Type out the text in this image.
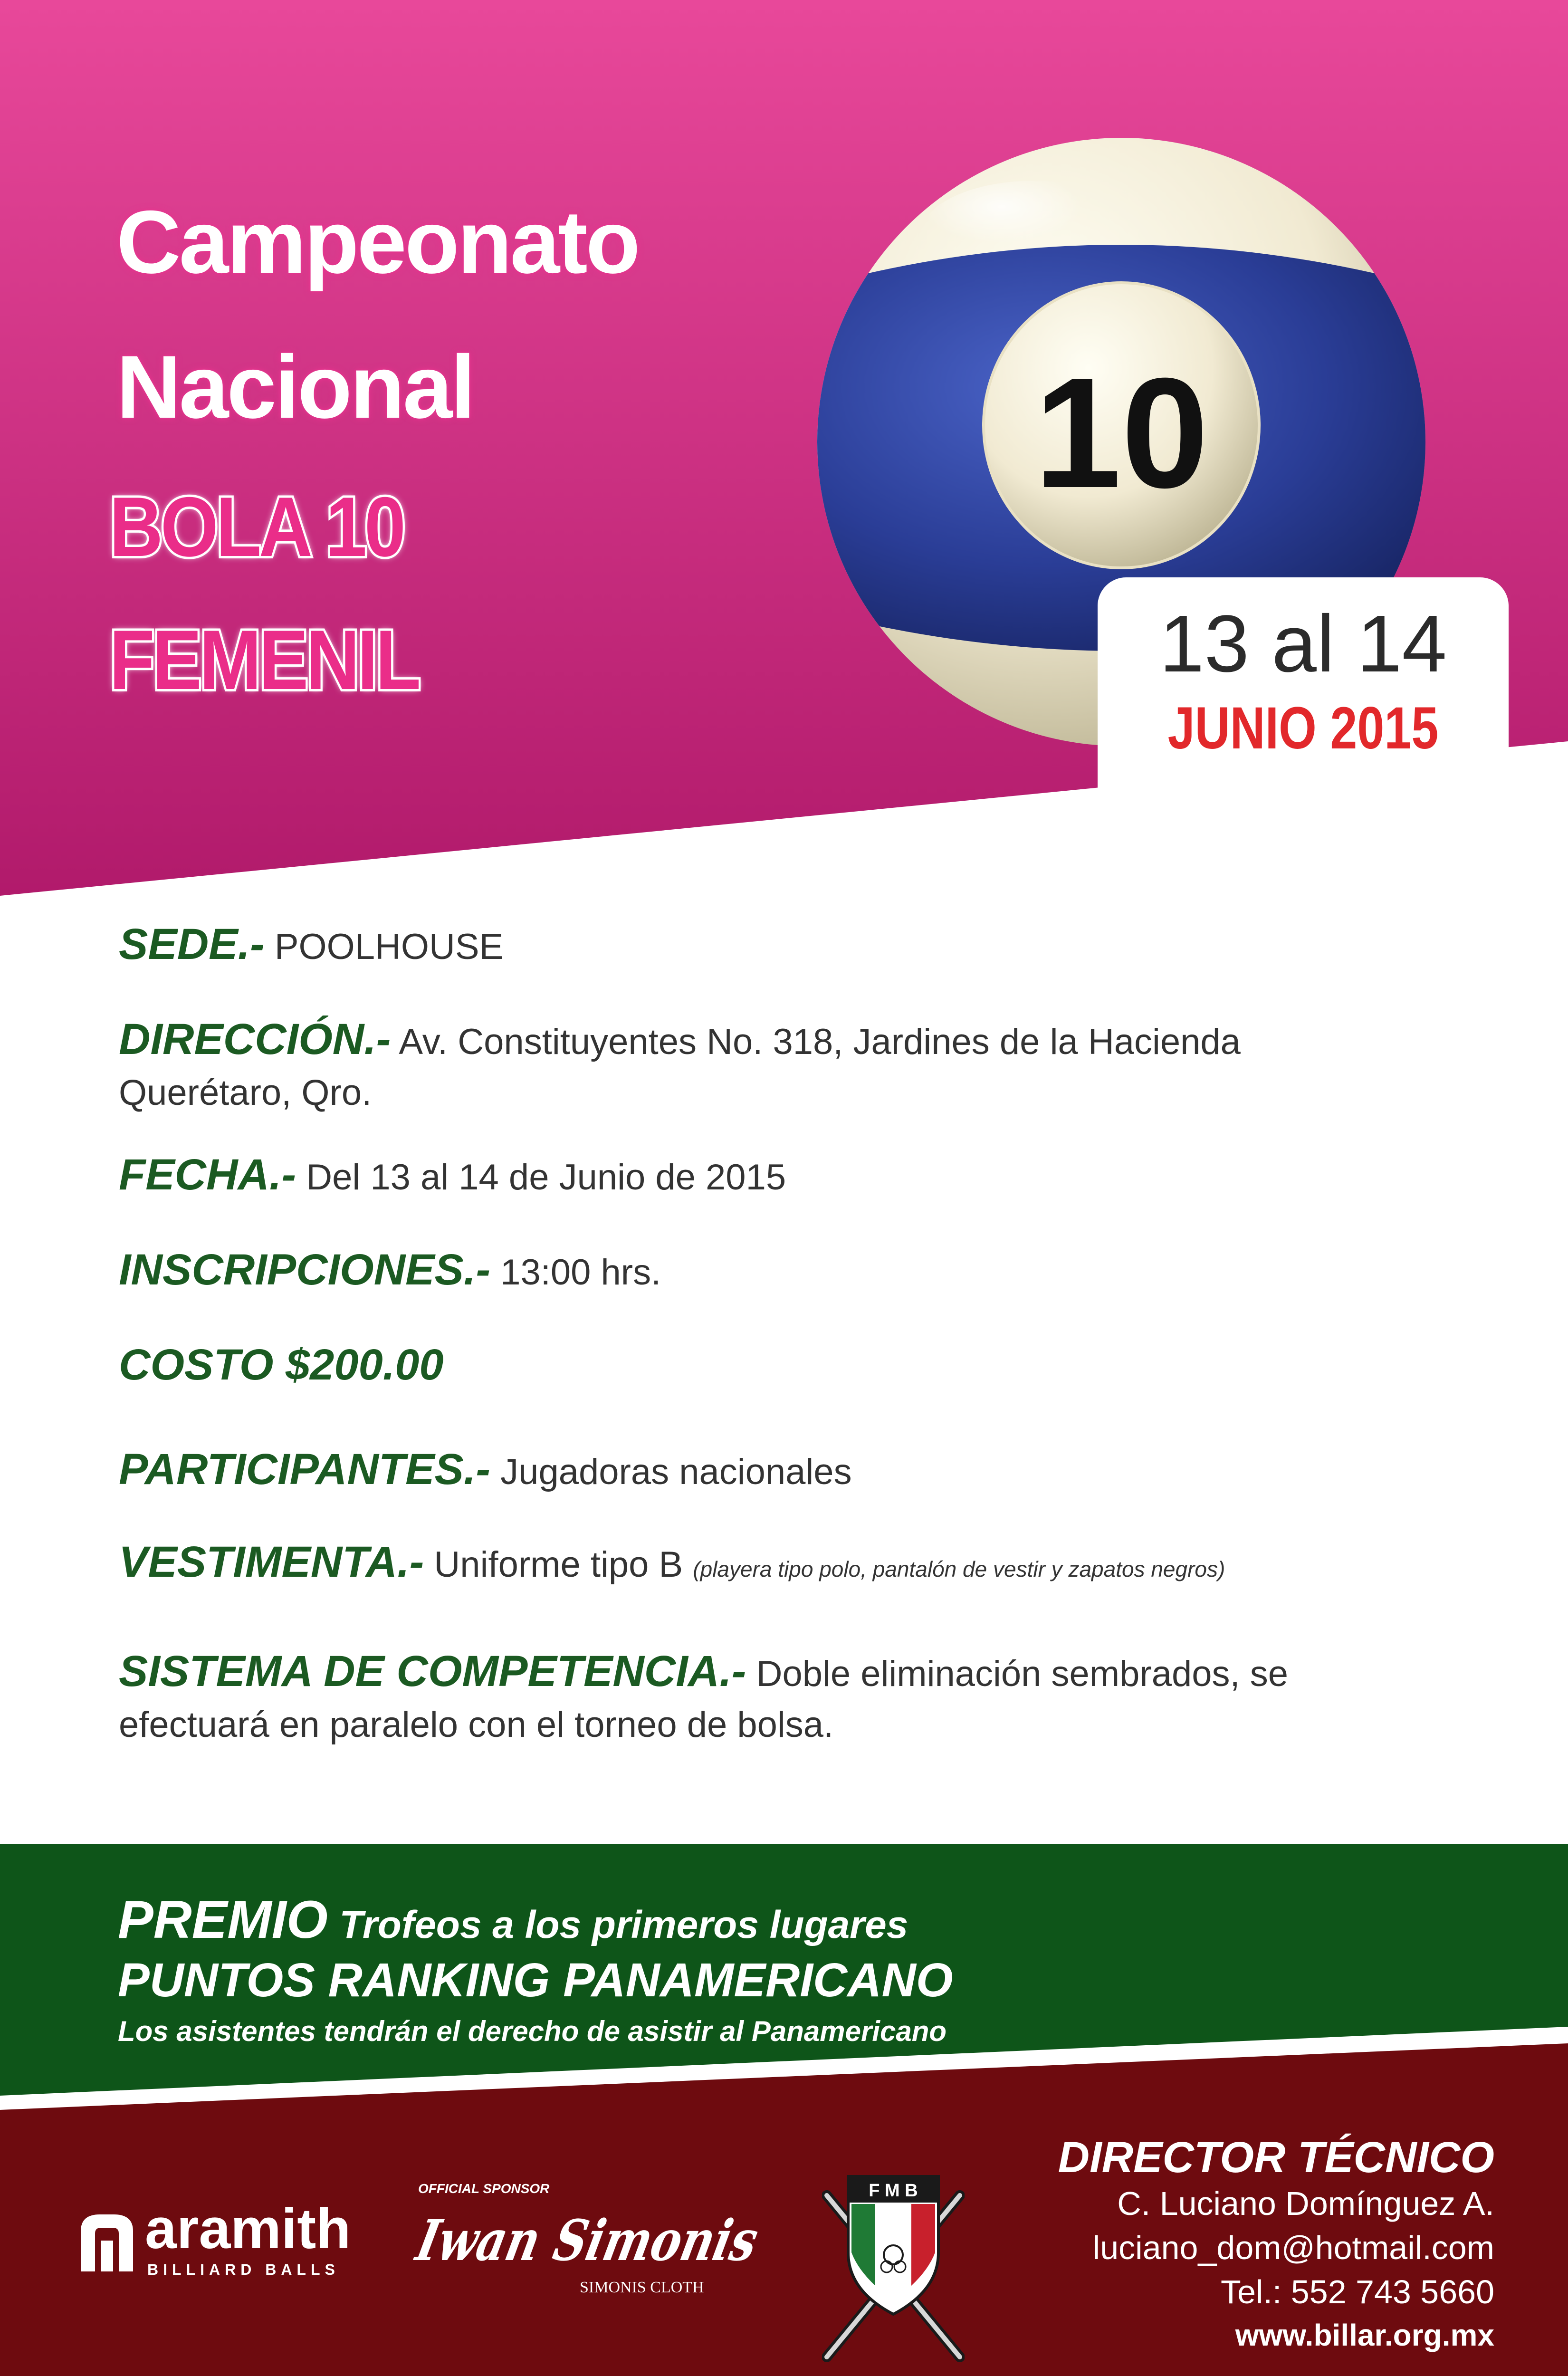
Campeonato
Nacional
BOLA 10
FEMENIL
10
13 al 14
JUNIO 2015
SEDE.- POOLHOUSE
DIRECCIÓN.- Av. Constituyentes No. 318, Jardines de la Hacienda
Querétaro, Qro.
FECHA.- Del 13 al 14 de Junio de 2015
INSCRIPCIONES.- 13:00 hrs.
COSTO $200.00
PARTICIPANTES.- Jugadoras nacionales
VESTIMENTA.- Uniforme tipo B (playera tipo polo, pantalón de vestir y zapatos negros)
SISTEMA DE COMPETENCIA.- Doble eliminación sembrados, se
efectuará en paralelo con el torneo de bolsa.
PREMIO Trofeos a los primeros lugares
PUNTOS RANKING PANAMERICANO
Los asistentes tendrán el derecho de asistir al Panamericano
aramith
BILLIARD BALLS
OFFICIAL SPONSOR
Iwan Simonis
SIMONIS CLOTH
F M B
DIRECTOR TÉCNICO
C. Luciano Domínguez A.
luciano_dom@hotmail.com
Tel.: 552 743 5660
www.billar.org.mx
